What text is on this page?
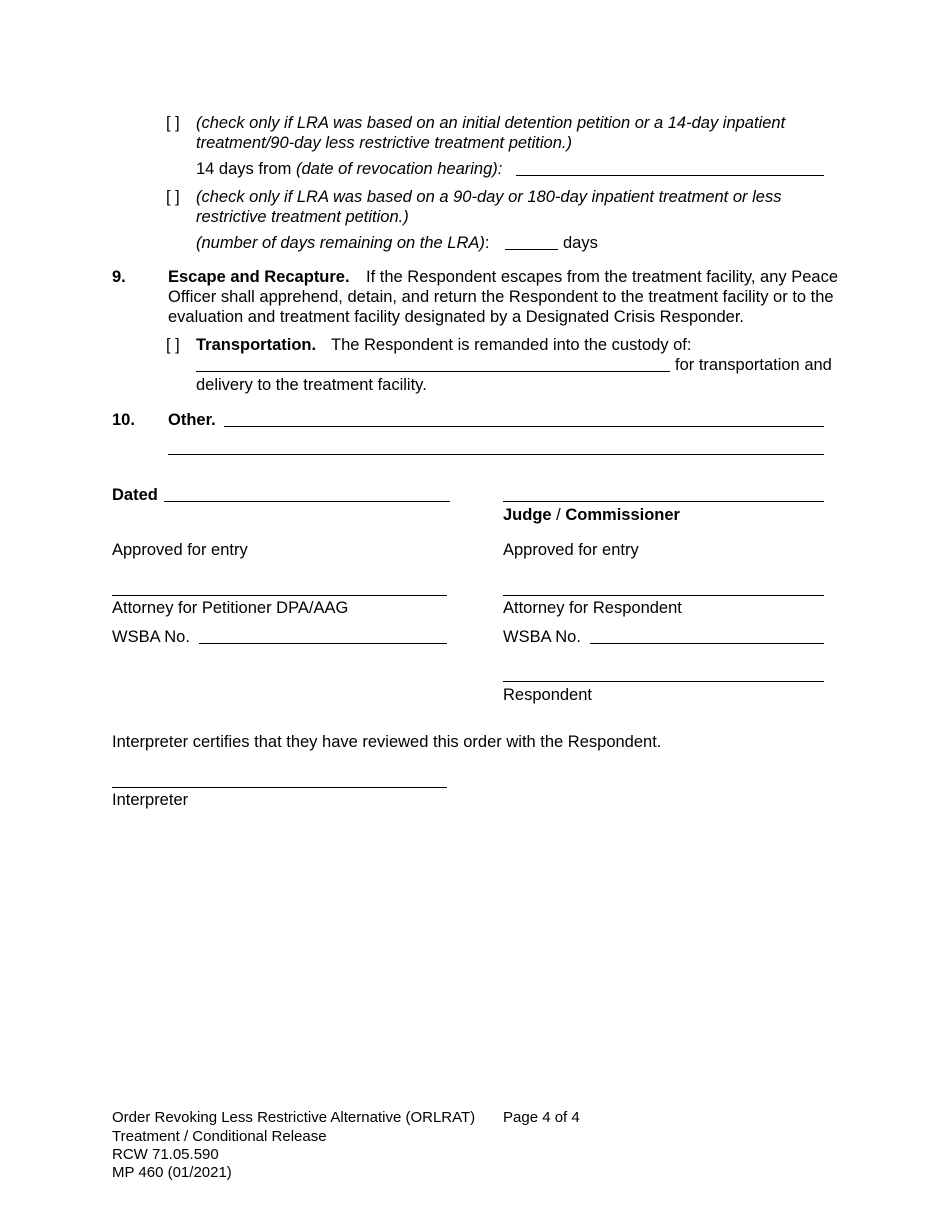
[ ] (check only if LRA was based on an initial detention petition or a 14-day inpatient
treatment/90-day less restrictive treatment petition.)
14 days from (date of revocation hearing):
[ ] (check only if LRA was based on a 90-day or 180-day inpatient treatment or less
restrictive treatment petition.)
(number of days remaining on the LRA):	days
9.	Escape and Recapture. If the Respondent escapes from the treatment facility, any Peace
Officer shall apprehend, detain, and return the Respondent to the treatment facility or to the
evaluation and treatment facility designated by a Designated Crisis Responder.
[ ] Transportation. The Respondent is remanded into the custody of:
for transportation and
delivery to the treatment facility.
10. Other.
Dated
Judge / Commissioner
Approved for entry	Approved for entry
Attorney for Petitioner DPA/AAG	Attorney for Respondent
WSBA No.	WSBA No.
Respondent
Interpreter certifies that they have reviewed this order with the Respondent.
Interpreter
Order Revoking Less Restrictive Alternative (ORLRAT) Page 4 of 4
Treatment / Conditional Release
RCW 71.05.590
MP 460 (01/2021)
